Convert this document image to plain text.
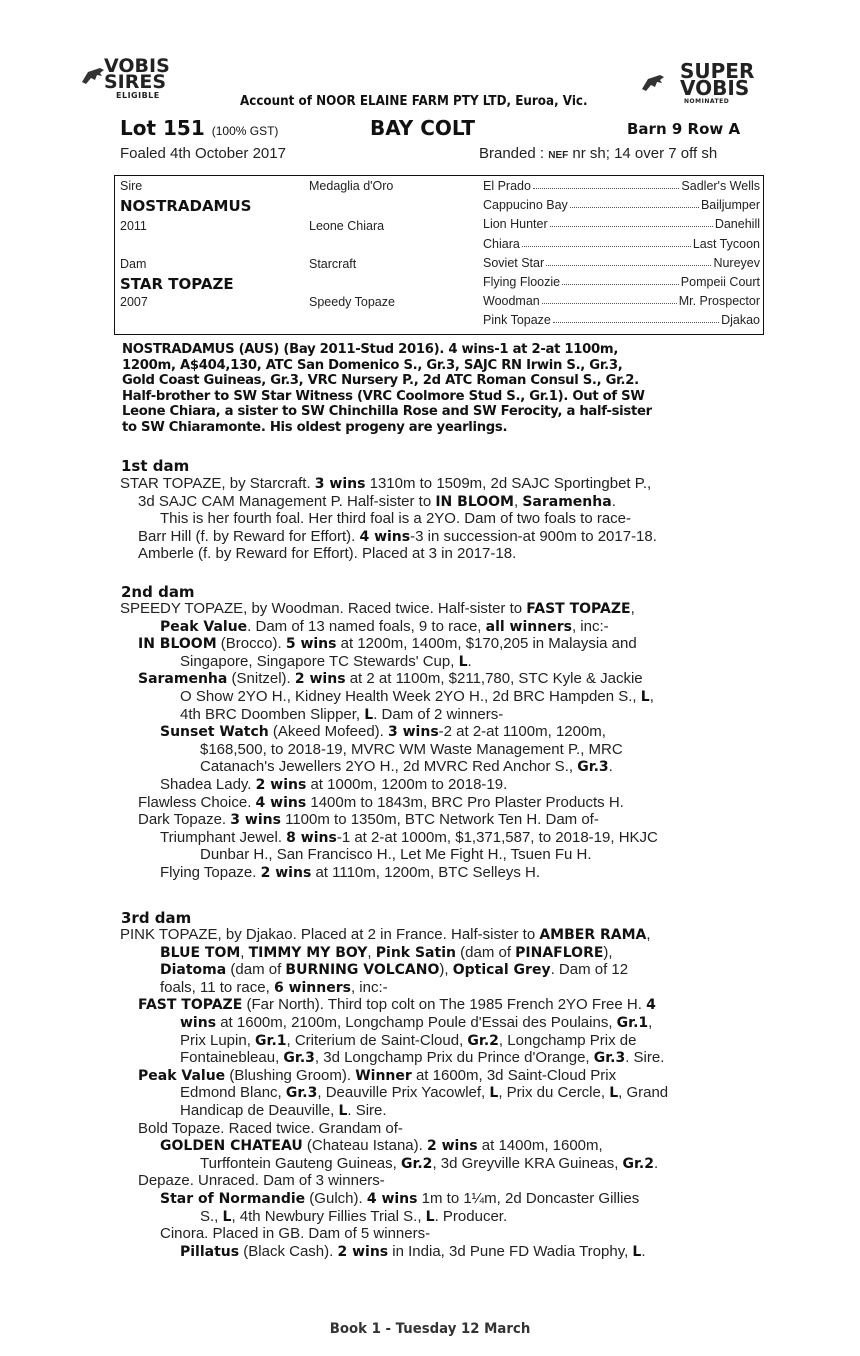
VOBIS
SIRES
ELIGIBLE
SUPER
VOBIS
NOMINATED
Account of NOOR ELAINE FARM PTY LTD, Euroa, Vic.
Lot 151 (100% GST)	BAY COLT	Barn 9 Row A
Foaled 4th October 2017	Branded : NEF nr sh; 14 over 7 off sh
Sire
NOSTRADAMUS
2011
Dam
STAR TOPAZE
2007
Medaglia d'Oro
Leone Chiara
Starcraft
Speedy Topaze
El Prado	Sadler's Wells
Cappucino Bay	Bailjumper
Lion Hunter	Danehill
Chiara	Last Tycoon
Soviet Star	Nureyev
Flying Floozie	Pompeii Court
Woodman	Mr. Prospector
Pink Topaze	Djakao
NOSTRADAMUS (AUS) (Bay 2011-Stud 2016). 4 wins-1 at 2-at 1100m,
1200m, A$404,130, ATC San Domenico S., Gr.3, SAJC RN Irwin S., Gr.3,
Gold Coast Guineas, Gr.3, VRC Nursery P., 2d ATC Roman Consul S., Gr.2.
Half-brother to SW Star Witness (VRC Coolmore Stud S., Gr.1). Out of SW
Leone Chiara, a sister to SW Chinchilla Rose and SW Ferocity, a half-sister
to SW Chiaramonte. His oldest progeny are yearlings.
1st dam
STAR TOPAZE, by Starcraft. 3 wins 1310m to 1509m, 2d SAJC Sportingbet P.,
3d SAJC CAM Management P. Half-sister to IN BLOOM, Saramenha.
This is her fourth foal. Her third foal is a 2YO. Dam of two foals to race-
Barr Hill (f. by Reward for Effort). 4 wins-3 in succession-at 900m to 2017-18.
Amberle (f. by Reward for Effort). Placed at 3 in 2017-18.
2nd dam
SPEEDY TOPAZE, by Woodman. Raced twice. Half-sister to FAST TOPAZE,
Peak Value. Dam of 13 named foals, 9 to race, all winners, inc:-
IN BLOOM (Brocco). 5 wins at 1200m, 1400m, $170,205 in Malaysia and
Singapore, Singapore TC Stewards' Cup, L.
Saramenha (Snitzel). 2 wins at 2 at 1100m, $211,780, STC Kyle & Jackie
O Show 2YO H., Kidney Health Week 2YO H., 2d BRC Hampden S., L,
4th BRC Doomben Slipper, L. Dam of 2 winners-
Sunset Watch (Akeed Mofeed). 3 wins-2 at 2-at 1100m, 1200m,
$168,500, to 2018-19, MVRC WM Waste Management P., MRC
Catanach's Jewellers 2YO H., 2d MVRC Red Anchor S., Gr.3.
Shadea Lady. 2 wins at 1000m, 1200m to 2018-19.
Flawless Choice. 4 wins 1400m to 1843m, BRC Pro Plaster Products H.
Dark Topaze. 3 wins 1100m to 1350m, BTC Network Ten H. Dam of-
Triumphant Jewel. 8 wins-1 at 2-at 1000m, $1,371,587, to 2018-19, HKJC
Dunbar H., San Francisco H., Let Me Fight H., Tsuen Fu H.
Flying Topaze. 2 wins at 1110m, 1200m, BTC Selleys H.
3rd dam
PINK TOPAZE, by Djakao. Placed at 2 in France. Half-sister to AMBER RAMA,
BLUE TOM, TIMMY MY BOY, Pink Satin (dam of PINAFLORE),
Diatoma (dam of BURNING VOLCANO), Optical Grey. Dam of 12
foals, 11 to race, 6 winners, inc:-
FAST TOPAZE (Far North). Third top colt on The 1985 French 2YO Free H. 4
wins at 1600m, 2100m, Longchamp Poule d'Essai des Poulains, Gr.1,
Prix Lupin, Gr.1, Criterium de Saint-Cloud, Gr.2, Longchamp Prix de
Fontainebleau, Gr.3, 3d Longchamp Prix du Prince d'Orange, Gr.3. Sire.
Peak Value (Blushing Groom). Winner at 1600m, 3d Saint-Cloud Prix
Edmond Blanc, Gr.3, Deauville Prix Yacowlef, L, Prix du Cercle, L, Grand
Handicap de Deauville, L. Sire.
Bold Topaze. Raced twice. Grandam of-
GOLDEN CHATEAU (Chateau Istana). 2 wins at 1400m, 1600m,
Turffontein Gauteng Guineas, Gr.2, 3d Greyville KRA Guineas, Gr.2.
Depaze. Unraced. Dam of 3 winners-
Star of Normandie (Gulch). 4 wins 1m to 1¼m, 2d Doncaster Gillies
S., L, 4th Newbury Fillies Trial S., L. Producer.
Cinora. Placed in GB. Dam of 5 winners-
Pillatus (Black Cash). 2 wins in India, 3d Pune FD Wadia Trophy, L.
Book 1 - Tuesday 12 March
